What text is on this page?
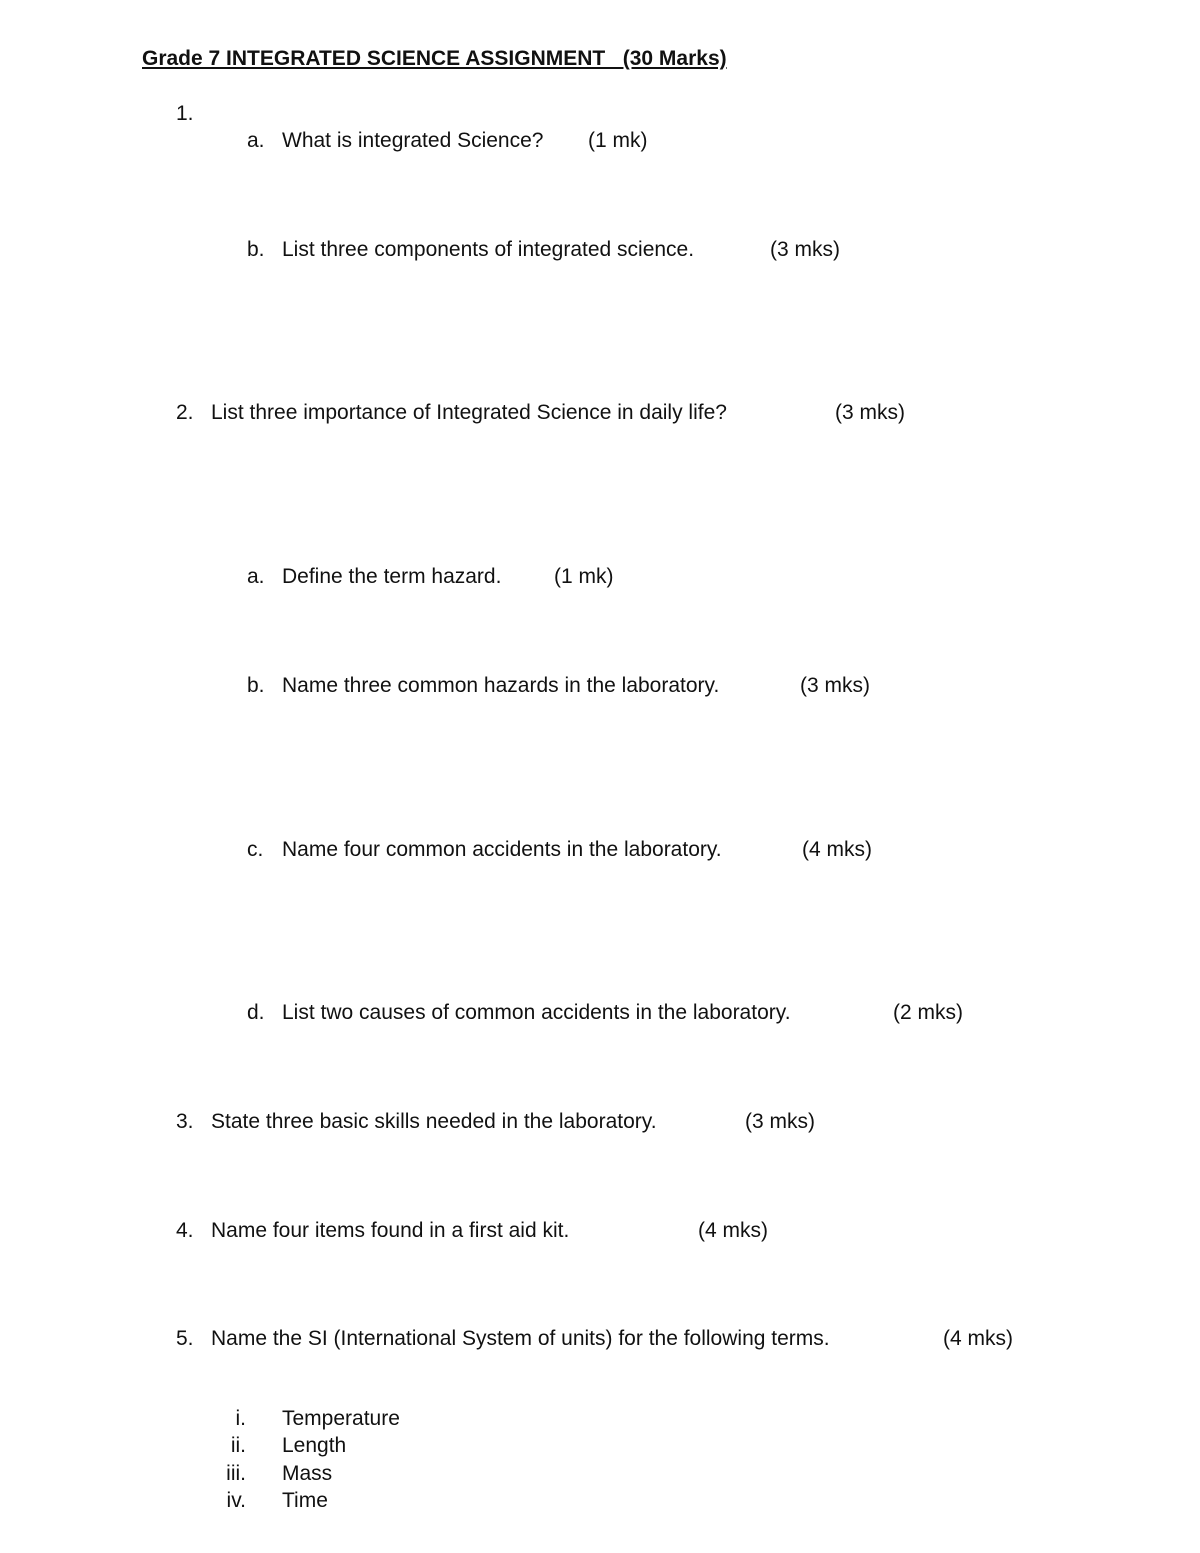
Grade 7 INTEGRATED SCIENCE ASSIGNMENT   (30 Marks)
1.
a. What is integrated Science? (1 mk)
b. List three components of integrated science.	(3 mks)
2. List three importance of Integrated Science in daily life?	(3 mks)
a. Define the term hazard.	(1 mk)
b. Name three common hazards in the laboratory.	(3 mks)
c. Name four common accidents in the laboratory.	(4 mks)
d. List two causes of common accidents in the laboratory.	(2 mks)
3. State three basic skills needed in the laboratory.	(3 mks)
4. Name four items found in a first aid kit.	(4 mks)
5. Name the SI (International System of units) for the following terms.	(4 mks)
i. Temperature
ii. Length
iii. Mass
iv. Time
